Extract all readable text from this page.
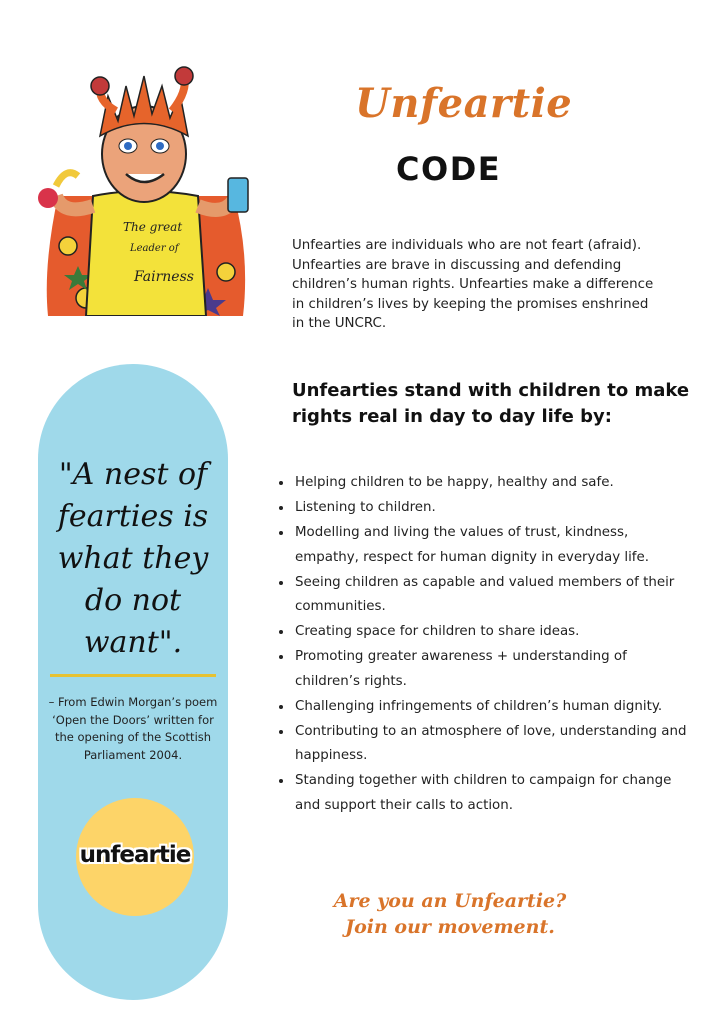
The great
Leader of
Fairness
Unfeartie
CODE
Unfearties are individuals who are not feart (afraid). Unfearties are brave in discussing and defending children’s human rights. Unfearties make a difference in children’s lives by keeping the promises enshrined in the UNCRC.
Unfearties stand with children to make rights real in day to day life by:
• Helping children to be happy, healthy and safe.
• Listening to children.
• Modelling and living the values of trust, kindness, empathy, respect for human dignity in everyday life.
• Seeing children as capable and valued members of their communities.
• Creating space for children to share ideas.
• Promoting greater awareness + understanding of children’s rights.
• Challenging infringements of children’s human dignity.
• Contributing to an atmosphere of love, understanding and happiness.
• Standing together with children to campaign for change and support their calls to action.
"A nest of fearties is what they do not want".
– From Edwin Morgan’s poem ‘Open the Doors’ written for the opening of the Scottish Parliament 2004.
unfeartie
Are you an Unfeartie?
Join our movement.
